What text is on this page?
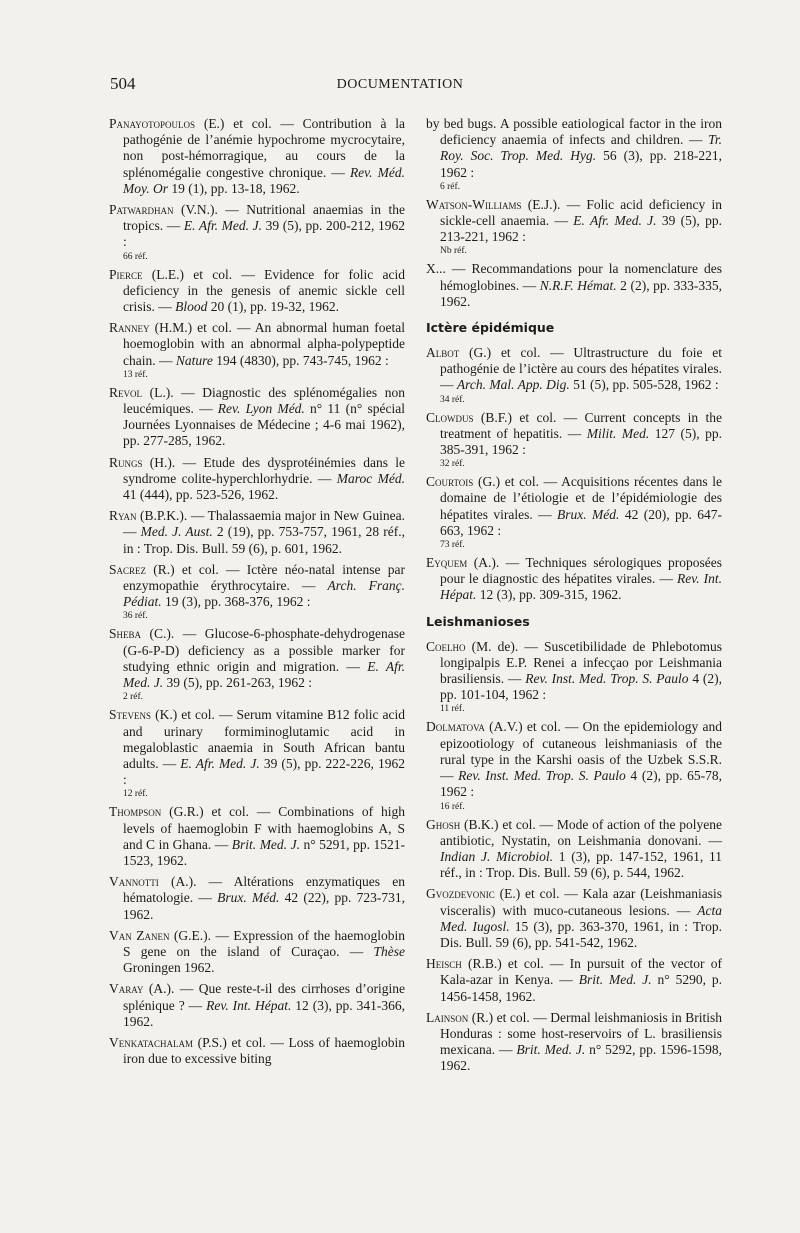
504	DOCUMENTATION

Panayotopoulos (E.) et col. — Contribution à la pathogénie de l’anémie hypochrome mycrocytaire, non post-hémorragique, au cours de la splénomégalie congestive chronique. — Rev. Méd. Moy. Or 19 (1), pp. 13-18, 1962.

Patwardhan (V.N.). — Nutritional anaemias in the tropics. — E. Afr. Med. J. 39 (5), pp. 200-212, 1962 :
66 réf.

Pierce (L.E.) et col. — Evidence for folic acid deficiency in the genesis of anemic sickle cell crisis. — Blood 20 (1), pp. 19-32, 1962.

Ranney (H.M.) et col. — An abnormal human foetal hoemoglobin with an abnormal alpha-polypeptide chain. — Nature 194 (4830), pp. 743-745, 1962 :
13 réf.

Revol (L.). — Diagnostic des splénomégalies non leucémiques. — Rev. Lyon Méd. n° 11 (n° spécial Journées Lyonnaises de Médecine ; 4-6 mai 1962), pp. 277-285, 1962.

Rungs (H.). — Etude des dysprotéinémies dans le syndrome colite-hyperchlorhydrie. — Maroc Méd. 41 (444), pp. 523-526, 1962.

Ryan (B.P.K.). — Thalassaemia major in New Guinea. — Med. J. Aust. 2 (19), pp. 753-757, 1961, 28 réf., in : Trop. Dis. Bull. 59 (6), p. 601, 1962.

Sacrez (R.) et col. — Ictère néo-natal intense par enzymopathie érythrocytaire. — Arch. Franç. Pédiat. 19 (3), pp. 368-376, 1962 :
36 réf.

Sheba (C.). — Glucose-6-phosphate-dehydrogenase (G-6-P-D) deficiency as a possible marker for studying ethnic origin and migration. — E. Afr. Med. J. 39 (5), pp. 261-263, 1962 :
2 réf.

Stevens (K.) et col. — Serum vitamine B12 folic acid and urinary formiminoglutamic acid in megaloblastic anaemia in South African bantu adults. — E. Afr. Med. J. 39 (5), pp. 222-226, 1962 :
12 réf.

Thompson (G.R.) et col. — Combinations of high levels of haemoglobin F with haemoglobins A, S and C in Ghana. — Brit. Med. J. n° 5291, pp. 1521-1523, 1962.

Vannotti (A.). — Altérations enzymatiques en hématologie. — Brux. Méd. 42 (22), pp. 723-731, 1962.

Van Zanen (G.E.). — Expression of the haemoglobin S gene on the island of Curaçao. — Thèse Groningen 1962.

Varay (A.). — Que reste-t-il des cirrhoses d’origine splénique ? — Rev. Int. Hépat. 12 (3), pp. 341-366, 1962.

Venkatachalam (P.S.) et col. — Loss of haemoglobin iron due to excessive biting

by bed bugs. A possible eatiological factor in the iron deficiency anaemia of infects and children. — Tr. Roy. Soc. Trop. Med. Hyg. 56 (3), pp. 218-221, 1962 :
6 réf.

Watson-Williams (E.J.). — Folic acid deficiency in sickle-cell anaemia. — E. Afr. Med. J. 39 (5), pp. 213-221, 1962 :
Nb réf.

X... — Recommandations pour la nomenclature des hémoglobines. — N.R.F. Hémat. 2 (2), pp. 333-335, 1962.

Ictère épidémique

Albot (G.) et col. — Ultrastructure du foie et pathogénie de l’ictère au cours des hépatites virales. — Arch. Mal. App. Dig. 51 (5), pp. 505-528, 1962 :
34 réf.

Clowdus (B.F.) et col. — Current concepts in the treatment of hepatitis. — Milit. Med. 127 (5), pp. 385-391, 1962 :
32 réf.

Courtois (G.) et col. — Acquisitions récentes dans le domaine de l’étiologie et de l’épidémiologie des hépatites virales. — Brux. Méd. 42 (20), pp. 647-663, 1962 :
73 réf.

Eyquem (A.). — Techniques sérologiques proposées pour le diagnostic des hépatites virales. — Rev. Int. Hépat. 12 (3), pp. 309-315, 1962.

Leishmanioses

Coelho (M. de). — Suscetibilidade de Phlebotomus longipalpis E.P. Renei a infecçao por Leishmania brasiliensis. — Rev. Inst. Med. Trop. S. Paulo 4 (2), pp. 101-104, 1962 :
11 réf.

Dolmatova (A.V.) et col. — On the epidemiology and epizootiology of cutaneous leishmaniasis of the rural type in the Karshi oasis of the Uzbek S.S.R. — Rev. Inst. Med. Trop. S. Paulo 4 (2), pp. 65-78, 1962 :
16 réf.

Ghosh (B.K.) et col. — Mode of action of the polyene antibiotic, Nystatin, on Leishmania donovani. — Indian J. Microbiol. 1 (3), pp. 147-152, 1961, 11 réf., in : Trop. Dis. Bull. 59 (6), p. 544, 1962.

Gvozdevonic (E.) et col. — Kala azar (Leishmaniasis visceralis) with muco-cutaneous lesions. — Acta Med. Iugosl. 15 (3), pp. 363-370, 1961, in : Trop. Dis. Bull. 59 (6), pp. 541-542, 1962.

Heisch (R.B.) et col. — In pursuit of the vector of Kala-azar in Kenya. — Brit. Med. J. n° 5290, p. 1456-1458, 1962.

Lainson (R.) et col. — Dermal leishmaniosis in British Honduras : some host-reservoirs of L. brasiliensis mexicana. — Brit. Med. J. n° 5292, pp. 1596-1598, 1962.
